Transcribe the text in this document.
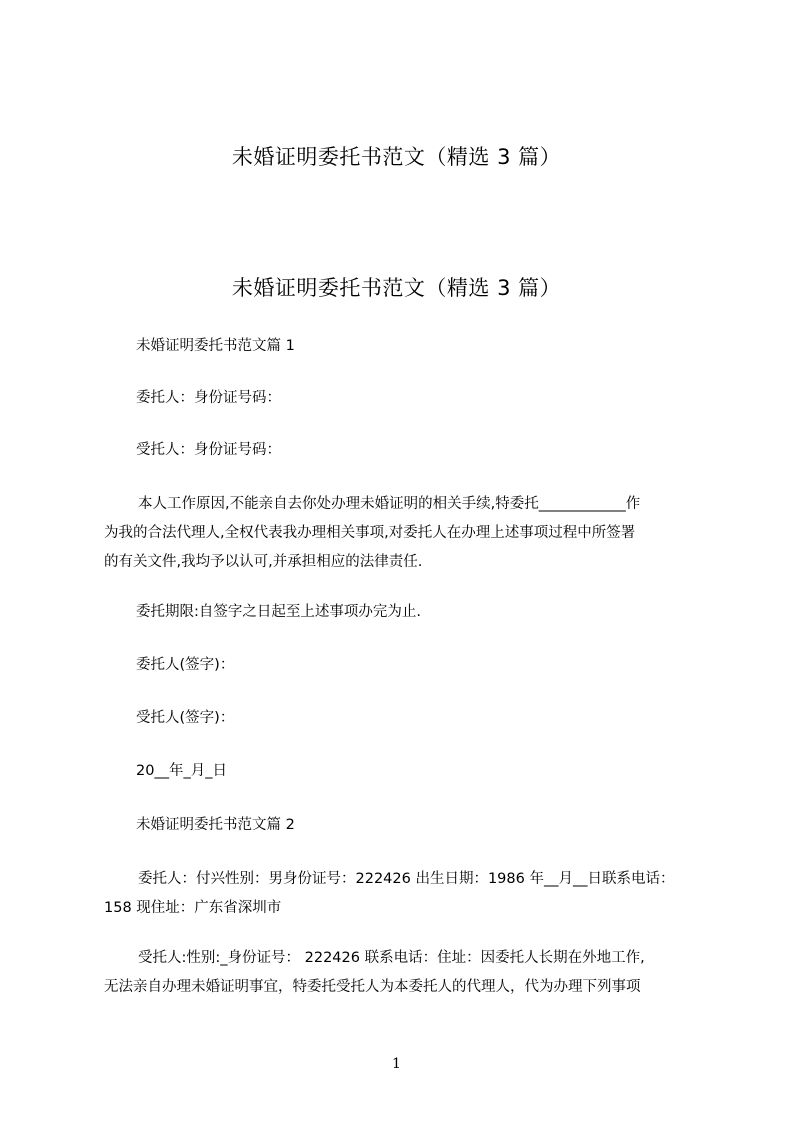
未婚证明委托书范文（精选 3 篇）
未婚证明委托书范文（精选 3 篇）
未婚证明委托书范文篇 1
委托人：身份证号码：
受托人：身份证号码：
本人工作原因,不能亲自去你处办理未婚证明的相关手续,特委托____________作
为我的合法代理人,全权代表我办理相关事项,对委托人在办理上述事项过程中所签署
的有关文件,我均予以认可,并承担相应的法律责任.
委托期限:自签字之日起至上述事项办完为止.
委托人(签字)：
受托人(签字)：
20__年_月_日
未婚证明委托书范文篇 2
委托人：付兴性别：男身份证号：222426 出生日期：1986 年__月__日联系电话：
158 现住址：广东省深圳市
受托人:性别:_身份证号： 222426 联系电话：住址：因委托人长期在外地工作,
无法亲自办理未婚证明事宜，特委托受托人为本委托人的代理人，代为办理下列事项
1
